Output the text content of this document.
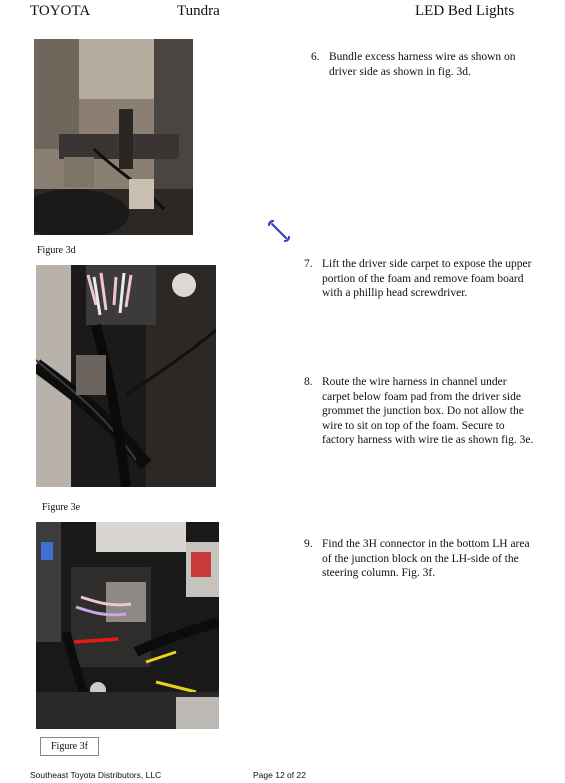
TOYOTA	Tundra	LED Bed Lights
Figure 3d
Figure 3e
Figure 3f
6. Bundle excess harness wire as shown on driver side as shown in fig. 3d.
7. Lift the driver side carpet to expose the upper portion of the foam and remove foam board with a phillip head screwdriver.
8. Route the wire harness in channel under carpet below foam pad from the driver side grommet the junction box. Do not allow the wire to sit on top of the foam. Secure to factory harness with wire tie as shown fig. 3e.
9. Find the 3H connector in the bottom LH area of the junction block on the LH-side of the steering column. Fig. 3f.
Southeast Toyota Distributors, LLC	Page 12 of 22
